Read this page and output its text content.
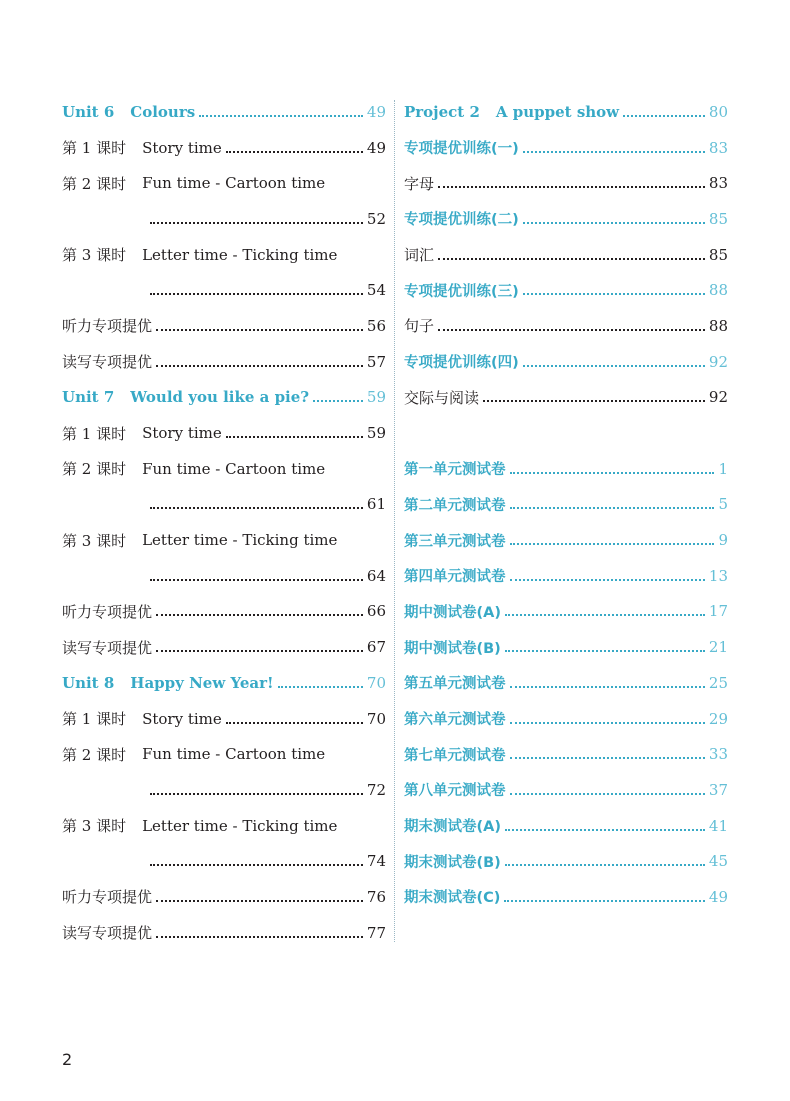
Unit 6 Colours	49
第 1 课时 Story time	49
第 2 课时 Fun time - Cartoon time
52
第 3 课时 Letter time - Ticking time
54
听力专项提优	56
读写专项提优	57
Unit 7 Would you like a pie?	59
第 1 课时 Story time	59
第 2 课时 Fun time - Cartoon time
61
第 3 课时 Letter time - Ticking time
64
听力专项提优	66
读写专项提优	67
Unit 8 Happy New Year!	70
第 1 课时 Story time	70
第 2 课时 Fun time - Cartoon time
72
第 3 课时 Letter time - Ticking time
74
听力专项提优	76
读写专项提优	77
Project 2 A puppet show	80
专项提优训练(一)	83
字母	83
专项提优训练(二)	85
词汇	85
专项提优训练(三)	88
句子	88
专项提优训练(四)	92
交际与阅读	92
第一单元测试卷	1
第二单元测试卷	5
第三单元测试卷	9
第四单元测试卷	13
期中测试卷(A)	17
期中测试卷(B)	21
第五单元测试卷	25
第六单元测试卷	29
第七单元测试卷	33
第八单元测试卷	37
期末测试卷(A)	41
期末测试卷(B)	45
期末测试卷(C)	49
2
